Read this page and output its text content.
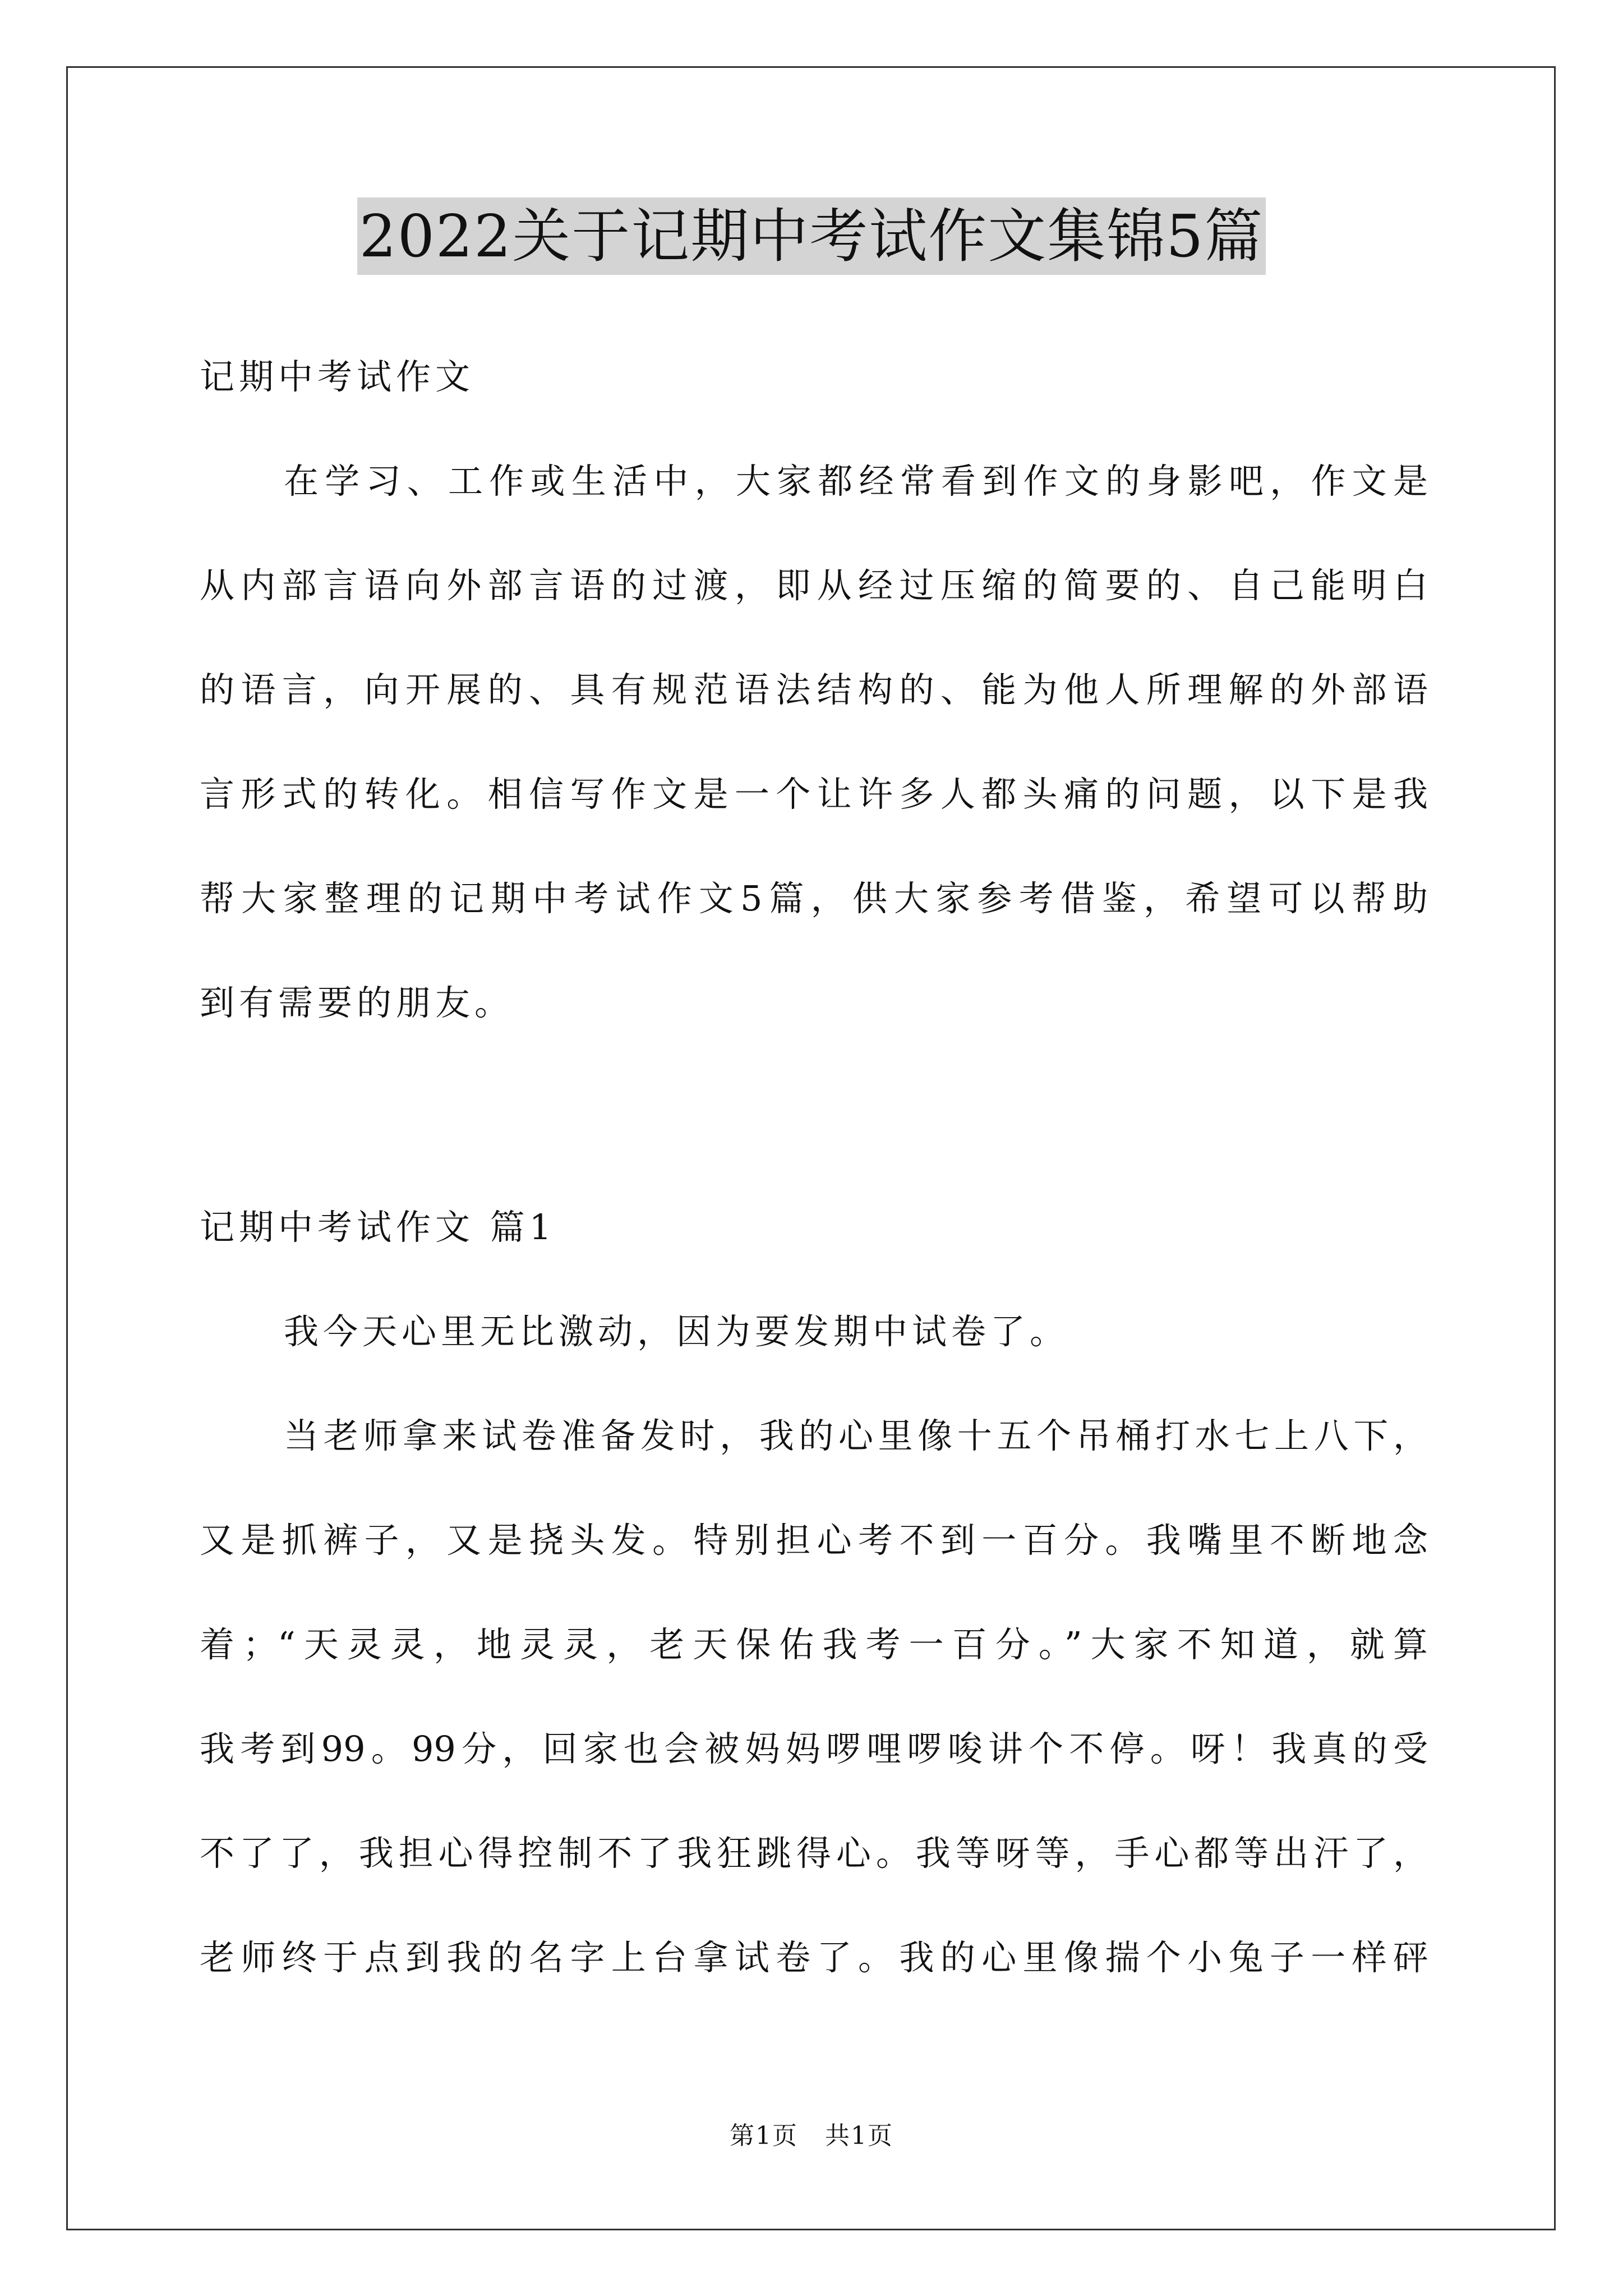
2022关于记期中考试作文集锦5篇
记期中考试作文
在学习、工作或生活中，大家都经常看到作文的身影吧，作文是
从内部言语向外部言语的过渡，即从经过压缩的简要的、自己能明白
的语言，向开展的、具有规范语法结构的、能为他人所理解的外部语
言形式的转化。相信写作文是一个让许多人都头痛的问题，以下是我
帮大家整理的记期中考试作文5篇，供大家参考借鉴，希望可以帮助
到有需要的朋友。
记期中考试作文 篇1
我今天心里无比激动，因为要发期中试卷了。
当老师拿来试卷准备发时，我的心里像十五个吊桶打水七上八下，
又是抓裤子，又是挠头发。特别担心考不到一百分。我嘴里不断地念
着；“天灵灵，地灵灵，老天保佑我考一百分。”大家不知道，就算
我考到99。99分，回家也会被妈妈啰哩啰唆讲个不停。呀！我真的受
不了了，我担心得控制不了我狂跳得心。我等呀等，手心都等出汗了，
老师终于点到我的名字上台拿试卷了。我的心里像揣个小兔子一样砰
第1页   共1页
